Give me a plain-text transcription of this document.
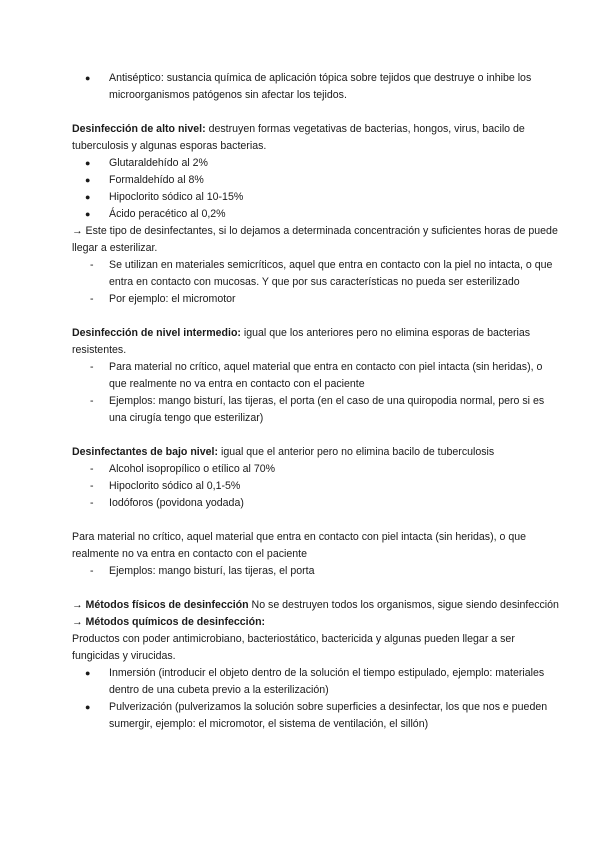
● Antiséptico: sustancia química de aplicación tópica sobre tejidos que destruye o inhibe los microorganismos patógenos sin afectar los tejidos.

Desinfección de alto nivel: destruyen formas vegetativas de bacterias, hongos, virus, bacilo de tuberculosis y algunas esporas bacterias.

● Glutaraldehído al 2%
● Formaldehído al 8%
● Hipoclorito sódico al 10-15%
● Ácido peracético al 0,2%

→ Este tipo de desinfectantes, si lo dejamos a determinada concentración y suficientes horas de puede llegar a esterilizar.

- Se utilizan en materiales semicríticos, aquel que entra en contacto con la piel no intacta, o que entra en contacto con mucosas. Y que por sus características no pueda ser esterilizado
- Por ejemplo: el micromotor

Desinfección de nivel intermedio: igual que los anteriores pero no elimina esporas de bacterias resistentes.

- Para material no crítico, aquel material que entra en contacto con piel intacta (sin heridas), o que realmente no va entra en contacto con el paciente
- Ejemplos: mango bisturí, las tijeras, el porta (en el caso de una quiropodia normal, pero si es una cirugía tengo que esterilizar)

Desinfectantes de bajo nivel: igual que el anterior pero no elimina bacilo de tuberculosis

- Alcohol isopropílico o etílico al 70%
- Hipoclorito sódico al 0,1-5%
- Iodóforos (povidona yodada)

Para material no crítico, aquel material que entra en contacto con piel intacta (sin heridas), o que realmente no va entra en contacto con el paciente

- Ejemplos: mango bisturí, las tijeras, el porta

→ Métodos físicos de desinfección No se destruyen todos los organismos, sigue siendo desinfección

→ Métodos químicos de desinfección:

Productos con poder antimicrobiano, bacteriostático, bactericida y algunas pueden llegar a ser fungicidas y virucidas.

● Inmersión (introducir el objeto dentro de la solución el tiempo estipulado, ejemplo: materiales dentro de una cubeta previo a la esterilización)
● Pulverización (pulverizamos la solución sobre superficies a desinfectar, los que nos e pueden sumergir, ejemplo: el micromotor, el sistema de ventilación, el sillón)
